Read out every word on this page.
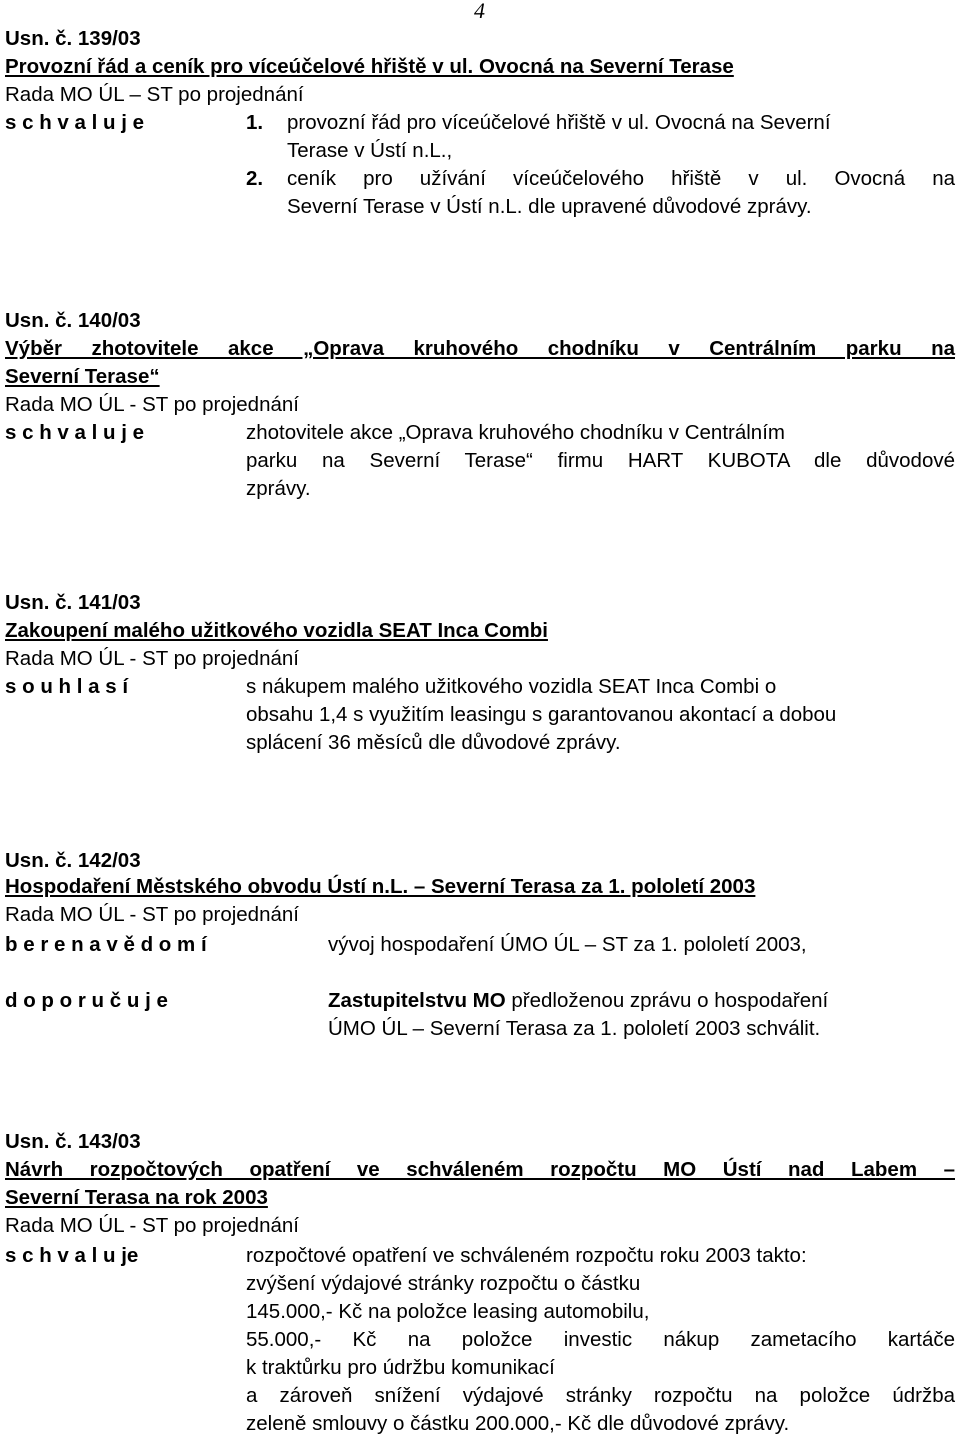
4
Usn. č. 139/03
Provozní řád a ceník pro víceúčelové hřiště v ul. Ovocná na Severní Terase
Rada MO ÚL – ST po projednání
s c h v a l u j e	1. provozní řád pro víceúčelové hřiště v ul. Ovocná na Severní
Terase v Ústí n.L.,
2. ceník pro užívání víceúčelového hřiště v ul. Ovocná na
Severní Terase v Ústí n.L. dle upravené důvodové zprávy.
Usn. č. 140/03
Výběr zhotovitele akce „Oprava kruhového chodníku v Centrálním parku na
Severní Terase“
Rada MO ÚL - ST po projednání
s c h v a l u j e	zhotovitele akce „Oprava kruhového chodníku v Centrálním
parku na Severní Terase“ firmu HART KUBOTA dle důvodové
zprávy.
Usn. č. 141/03
Zakoupení malého užitkového vozidla SEAT Inca Combi
Rada MO ÚL - ST po projednání
s o u h l a s í	s nákupem malého užitkového vozidla SEAT Inca Combi o
obsahu 1,4 s využitím leasingu s garantovanou akontací a dobou
splácení 36 měsíců dle důvodové zprávy.
Usn. č. 142/03
Hospodaření Městského obvodu Ústí n.L. – Severní Terasa za 1. pololetí 2003
Rada MO ÚL - ST po projednání
b e r e n a v ě d o m í	vývoj hospodaření ÚMO ÚL – ST za 1. pololetí 2003,
d o p o r u č u j e	Zastupitelstvu MO předloženou zprávu o hospodaření
ÚMO ÚL – Severní Terasa za 1. pololetí 2003 schválit.
Usn. č. 143/03
Návrh rozpočtových opatření ve schváleném rozpočtu MO Ústí nad Labem –
Severní Terasa na rok 2003
Rada MO ÚL - ST po projednání
s c h v a l u je	rozpočtové opatření ve schváleném rozpočtu roku 2003 takto:
zvýšení výdajové stránky rozpočtu o částku
145.000,- Kč na položce leasing automobilu,
55.000,- Kč na položce investic nákup zametacího kartáče
k traktůrku pro údržbu komunikací
a zároveň snížení výdajové stránky rozpočtu na položce údržba
zeleně smlouvy o částku 200.000,- Kč dle důvodové zprávy.
